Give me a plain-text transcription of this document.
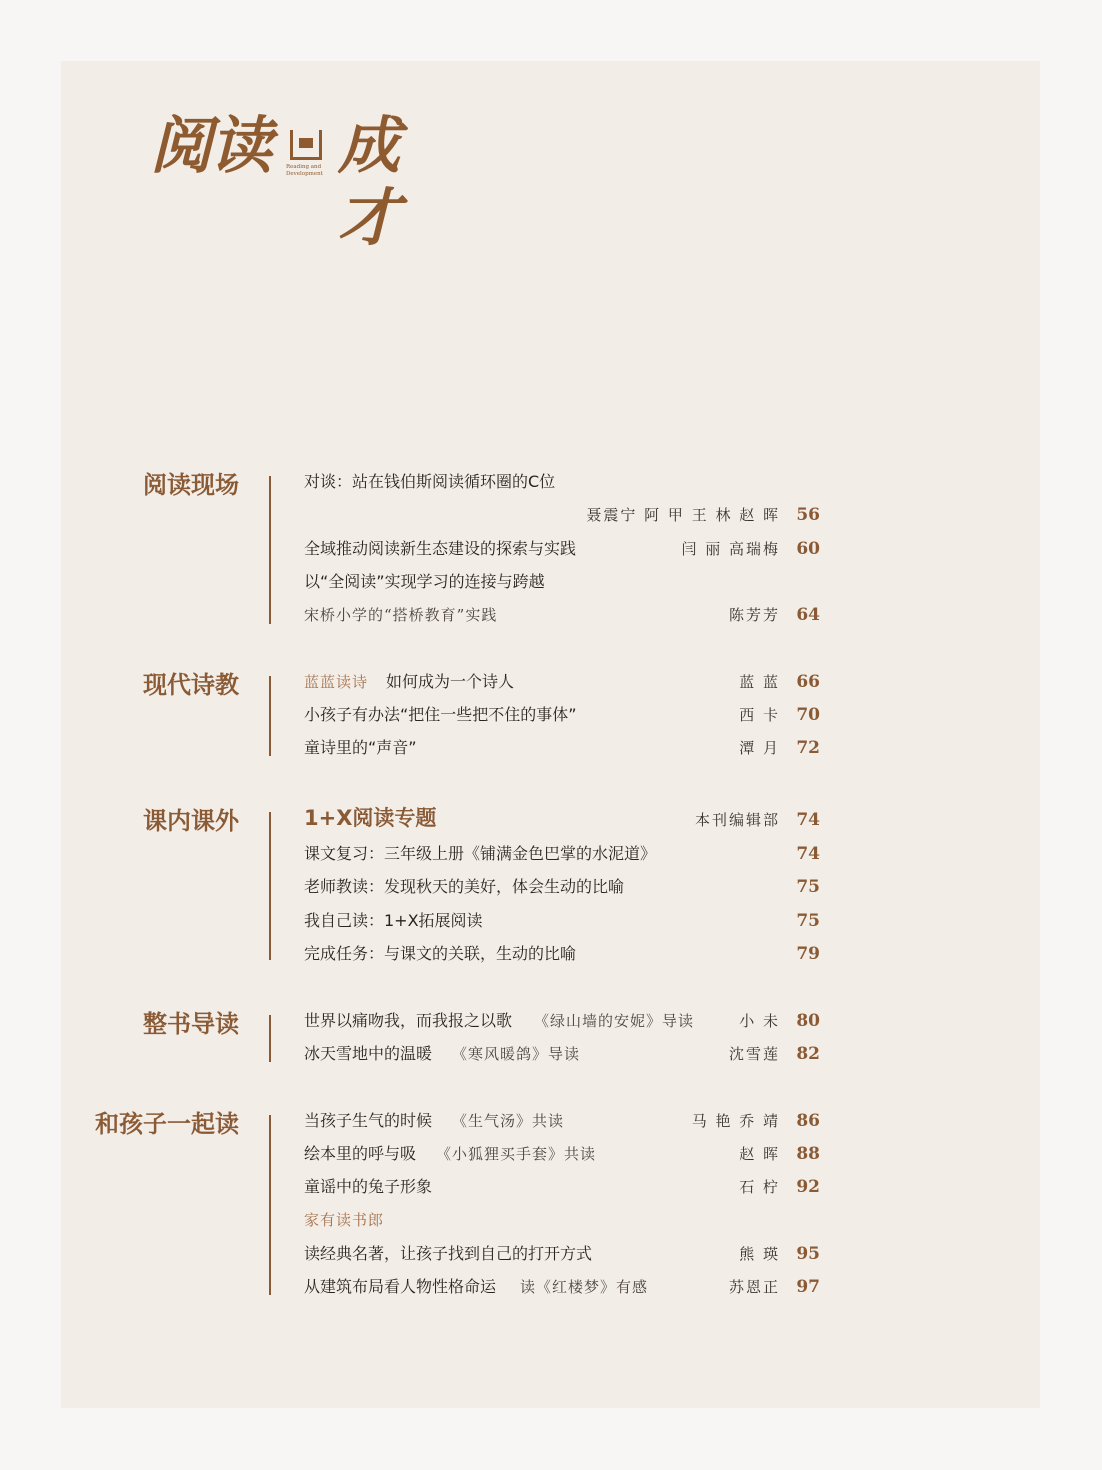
阅读	Reading and
Development 成才
阅读现场	对谈：站在钱伯斯阅读循环圈的C位
聂震宁 阿 甲 王 林 赵 晖 56
全域推动阅读新生态建设的探索与实践	闫 丽 高瑞梅 60
以“全阅读”实现学习的连接与跨越
宋桥小学的“搭桥教育”实践	陈芳芳 64
现代诗教	蓝蓝读诗 如何成为一个诗人	蓝 蓝 66
小孩子有办法“把住一些把不住的事体”	西 卡 70
童诗里的“声音”	潭 月 72
课内课外	1+X阅读专题	本刊编辑部 74
课文复习：三年级上册《铺满金色巴掌的水泥道》	74
老师教读：发现秋天的美好，体会生动的比喻	75
我自己读：1+X拓展阅读	75
完成任务：与课文的关联，生动的比喻	79
整书导读	世界以痛吻我，而我报之以歌 《绿山墙的安妮》导读	小 未 80
冰天雪地中的温暖 《寒风暖鸽》导读	沈雪莲 82
和孩子一起读	当孩子生气的时候 《生气汤》共读	马 艳 乔 靖 86
绘本里的呼与吸 《小狐狸买手套》共读	赵 晖 88
童谣中的兔子形象	石 柠 92
家有读书郎
读经典名著，让孩子找到自己的打开方式	熊 瑛 95
从建筑布局看人物性格命运 读《红楼梦》有感	苏恩正 97
